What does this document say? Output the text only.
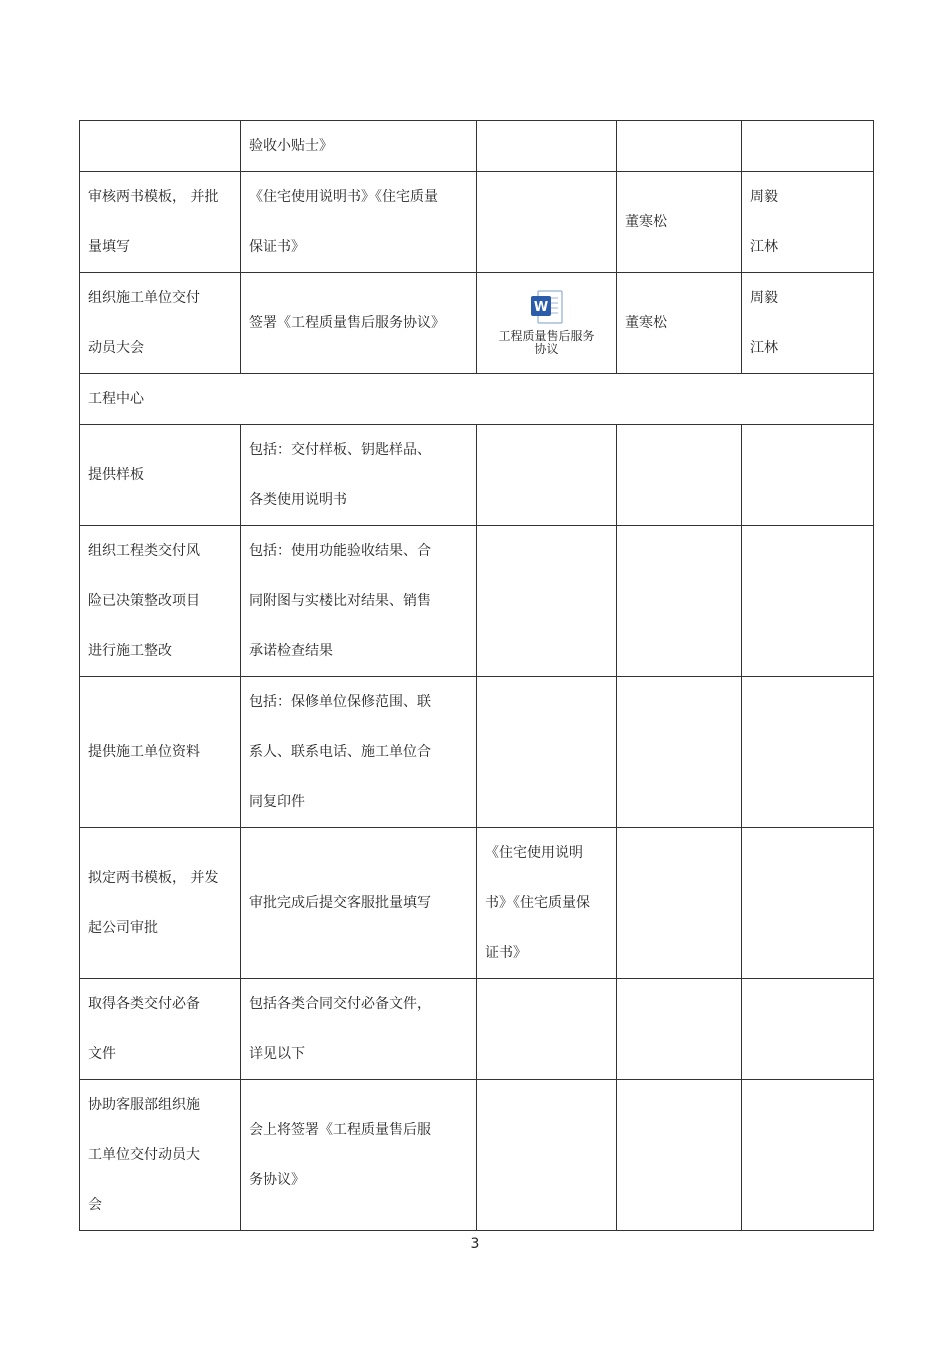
	验收小贴士》			

审核两书模板， 并批
量填写	《住宅使用说明书》《住宅质量
保证书》		董寒松	周毅
江林

组织施工单位交付
动员大会	签署《工程质量售后服务协议》	W
工程质量售后服务
协议	董寒松	周毅
江林

工程中心				

提供样板	包括：交付样板、钥匙样品、
各类使用说明书			

组织工程类交付风
险已决策整改项目
进行施工整改	包括：使用功能验收结果、合
同附图与实楼比对结果、销售
承诺检查结果			

提供施工单位资料	包括：保修单位保修范围、联
系人、联系电话、施工单位合
同复印件			

拟定两书模板， 并发
起公司审批	审批完成后提交客服批量填写	《住宅使用说明
书》《住宅质量保
证书》		

取得各类交付必备
文件	包括各类合同交付必备文件，
详见以下			

协助客服部组织施
工单位交付动员大
会	会上将签署《工程质量售后服
务协议》			

3
